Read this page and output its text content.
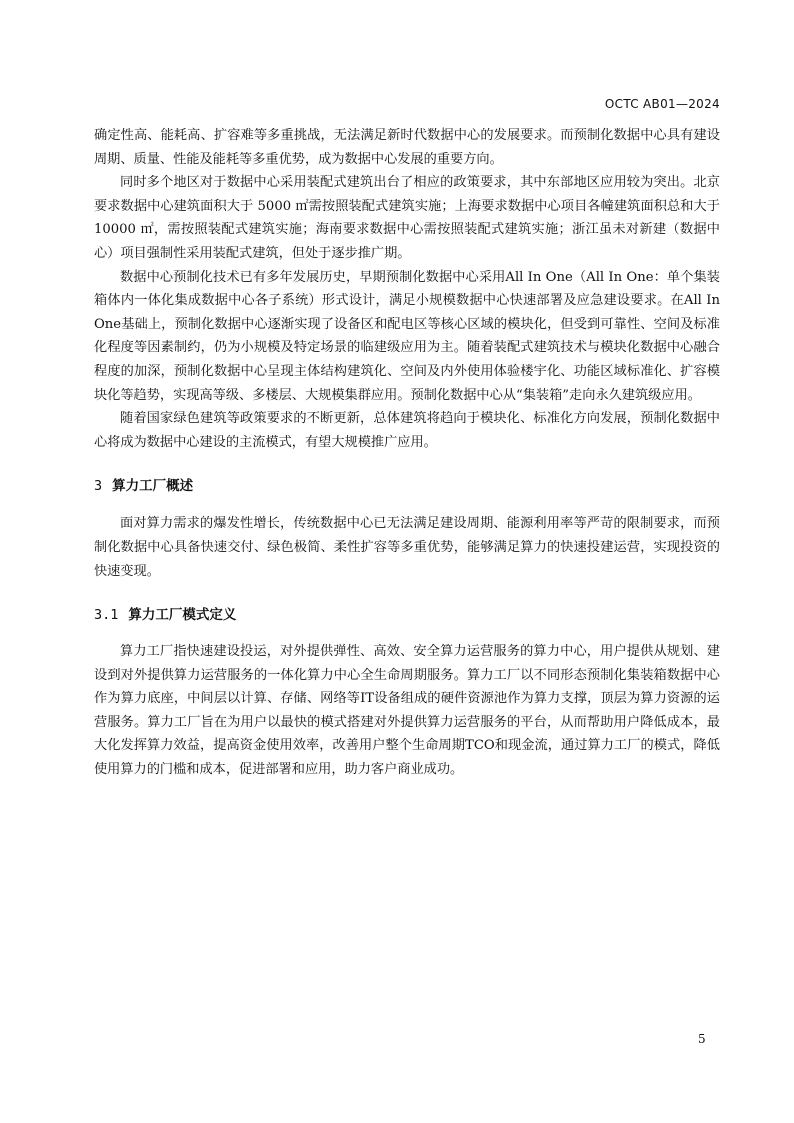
OCTC AB01—2024

确定性高、能耗高、扩容难等多重挑战，无法满足新时代数据中心的发展要求。而预制化数据中心具有建设周期、质量、性能及能耗等多重优势，成为数据中心发展的重要方向。

同时多个地区对于数据中心采用装配式建筑出台了相应的政策要求，其中东部地区应用较为突出。北京要求数据中心建筑面积大于 5000 ㎡需按照装配式建筑实施；上海要求数据中心项目各幢建筑面积总和大于 10000 ㎡，需按照装配式建筑实施；海南要求数据中心需按照装配式建筑实施；浙江虽未对新建（数据中心）项目强制性采用装配式建筑，但处于逐步推广期。

数据中心预制化技术已有多年发展历史，早期预制化数据中心采用All In One（All In One：单个集装箱体内一体化集成数据中心各子系统）形式设计，满足小规模数据中心快速部署及应急建设要求。在All In One基础上，预制化数据中心逐渐实现了设备区和配电区等核心区域的模块化，但受到可靠性、空间及标准化程度等因素制约，仍为小规模及特定场景的临建级应用为主。随着装配式建筑技术与模块化数据中心融合程度的加深，预制化数据中心呈现主体结构建筑化、空间及内外使用体验楼宇化、功能区域标准化、扩容模块化等趋势，实现高等级、多楼层、大规模集群应用。预制化数据中心从“集装箱”走向永久建筑级应用。

随着国家绿色建筑等政策要求的不断更新，总体建筑将趋向于模块化、标准化方向发展，预制化数据中心将成为数据中心建设的主流模式，有望大规模推广应用。

3 算力工厂概述

面对算力需求的爆发性增长，传统数据中心已无法满足建设周期、能源利用率等严苛的限制要求，而预制化数据中心具备快速交付、绿色极简、柔性扩容等多重优势，能够满足算力的快速投建运营，实现投资的快速变现。

3.1 算力工厂模式定义

算力工厂指快速建设投运，对外提供弹性、高效、安全算力运营服务的算力中心，用户提供从规划、建设到对外提供算力运营服务的一体化算力中心全生命周期服务。算力工厂以不同形态预制化集装箱数据中心作为算力底座，中间层以计算、存储、网络等IT设备组成的硬件资源池作为算力支撑，顶层为算力资源的运营服务。算力工厂旨在为用户以最快的模式搭建对外提供算力运营服务的平台，从而帮助用户降低成本，最大化发挥算力效益，提高资金使用效率，改善用户整个生命周期TCO和现金流，通过算力工厂的模式，降低使用算力的门槛和成本，促进部署和应用，助力客户商业成功。

5
